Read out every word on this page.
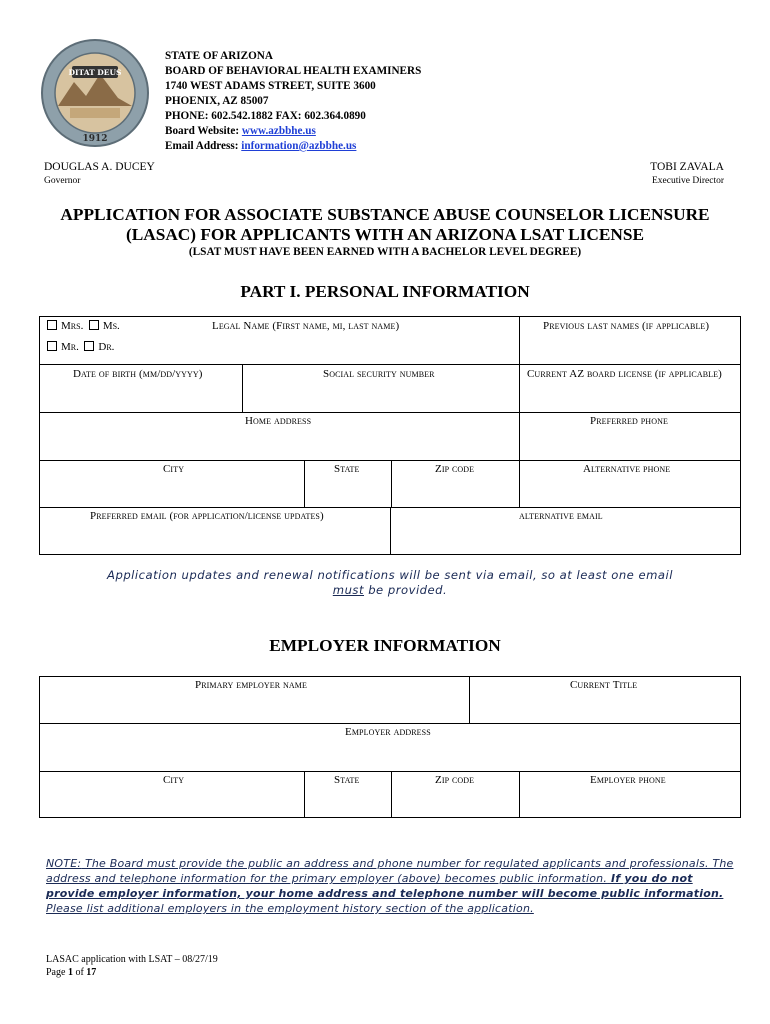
DITAT DEUS
1912
STATE OF ARIZONA
BOARD OF BEHAVIORAL HEALTH EXAMINERS
1740 WEST ADAMS STREET, SUITE 3600
PHOENIX, AZ 85007
PHONE: 602.542.1882 FAX: 602.364.0890
Board Website: www.azbbhe.us
Email Address: information@azbbhe.us
DOUGLAS A. DUCEY
Governor
TOBI ZAVALA
Executive Director
APPLICATION FOR ASSOCIATE SUBSTANCE ABUSE COUNSELOR LICENSURE
(LASAC) FOR APPLICANTS WITH AN ARIZONA LSAT LICENSE
(LSAT MUST HAVE BEEN EARNED WITH A BACHELOR LEVEL DEGREE)
PART I. PERSONAL INFORMATION
Mrs. Ms.
Mr. Dr.
Legal Name (First name, mi, last name)	Previous last names (if applicable)
Date of birth (mm/dd/yyyy)	Social security number	Current AZ board license (if applicable)
Home address	Preferred phone
City	State	Zip code	Alternative phone
Preferred email (for application/license updates)	alternative email
Application updates and renewal notifications will be sent via email, so at least one email
must be provided.
EMPLOYER INFORMATION
Primary employer name	Current Title
Employer address
City	State	Zip code	Employer phone
NOTE: The Board must provide the public an address and phone number for regulated applicants and professionals. The address and telephone information for the primary employer (above) becomes public information. If you do not provide employer information, your home address and telephone number will become public information. Please list additional employers in the employment history section of the application.
LASAC application with LSAT – 08/27/19
Page 1 of 17
